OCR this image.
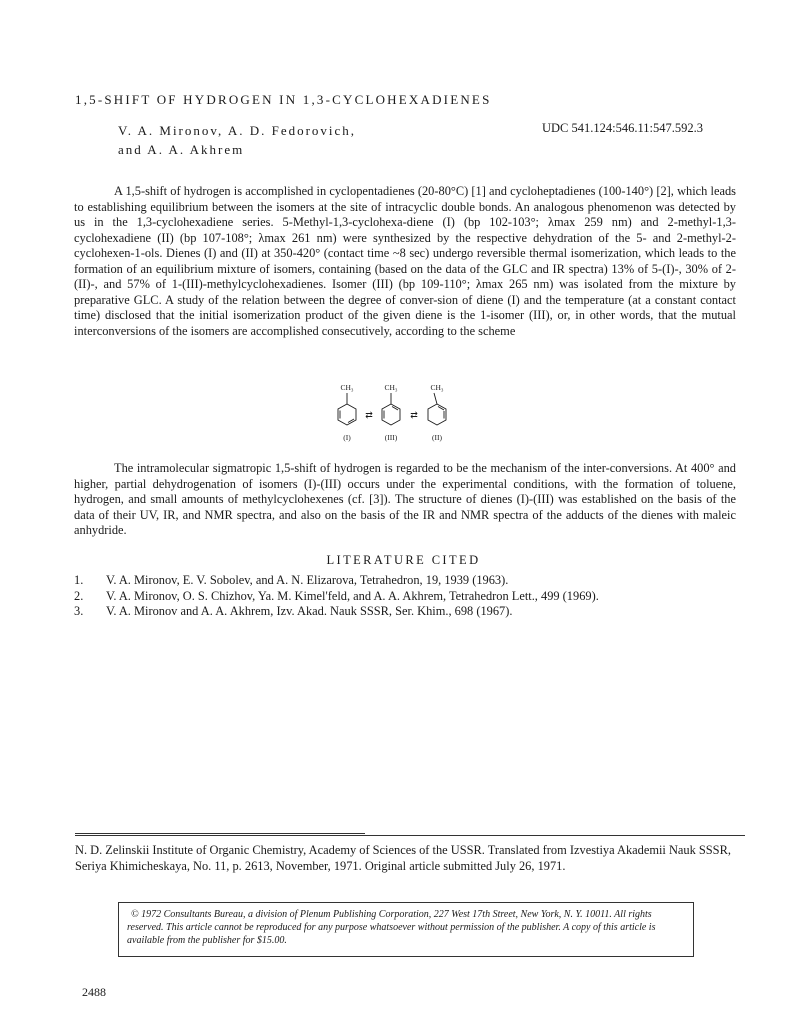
1,5-SHIFT OF HYDROGEN IN 1,3-CYCLOHEXADIENES
V. A. Mironov, A. D. Fedorovich,
and A. A. Akhrem
UDC 541.124:546.11:547.592.3

A 1,5-shift of hydrogen is accomplished in cyclopentadienes (20-80°C) [1] and cycloheptadienes (100-140°) [2], which leads to establishing equilibrium between the isomers at the site of intracyclic double bonds. An analogous phenomenon was detected by us in the 1,3-cyclohexadiene series. 5-Methyl-1,3-cyclohexa-diene (I) (bp 102-103°; λmax 259 nm) and 2-methyl-1,3-cyclohexadiene (II) (bp 107-108°; λmax 261 nm) were synthesized by the respective dehydration of the 5- and 2-methyl-2-cyclohexen-1-ols. Dienes (I) and (II) at 350-420° (contact time ~8 sec) undergo reversible thermal isomerization, which leads to the formation of an equilibrium mixture of isomers, containing (based on the data of the GLC and IR spectra) 13% of 5-(I)-, 30% of 2-(II)-, and 57% of 1-(III)-methylcyclohexadienes. Isomer (III) (bp 109-110°; λmax 265 nm) was isolated from the mixture by preparative GLC. A study of the relation between the degree of conver-sion of diene (I) and the temperature (at a constant contact time) disclosed that the initial isomerization product of the given diene is the 1-isomer (III), or, in other words, that the mutual interconversions of the isomers are accomplished consecutively, according to the scheme

CH₃	CH₃	CH₃
⇄	⇄
(I)	(III)	(II)

The intramolecular sigmatropic 1,5-shift of hydrogen is regarded to be the mechanism of the inter-conversions. At 400° and higher, partial dehydrogenation of isomers (I)-(III) occurs under the experimental conditions, with the formation of toluene, hydrogen, and small amounts of methylcyclohexenes (cf. [3]). The structure of dienes (I)-(III) was established on the basis of the data of their UV, IR, and NMR spectra, and also on the basis of the IR and NMR spectra of the adducts of the dienes with maleic anhydride.

LITERATURE CITED
1. V. A. Mironov, E. V. Sobolev, and A. N. Elizarova, Tetrahedron, 19, 1939 (1963).
2. V. A. Mironov, O. S. Chizhov, Ya. M. Kimel'feld, and A. A. Akhrem, Tetrahedron Lett., 499 (1969).
3. V. A. Mironov and A. A. Akhrem, Izv. Akad. Nauk SSSR, Ser. Khim., 698 (1967).

N. D. Zelinskii Institute of Organic Chemistry, Academy of Sciences of the USSR. Translated from Izvestiya Akademii Nauk SSSR, Seriya Khimicheskaya, No. 11, p. 2613, November, 1971. Original article submitted July 26, 1971.

© 1972 Consultants Bureau, a division of Plenum Publishing Corporation, 227 West 17th Street, New York, N. Y. 10011. All rights reserved. This article cannot be reproduced for any purpose whatsoever without permission of the publisher. A copy of this article is available from the publisher for $15.00.

2488
